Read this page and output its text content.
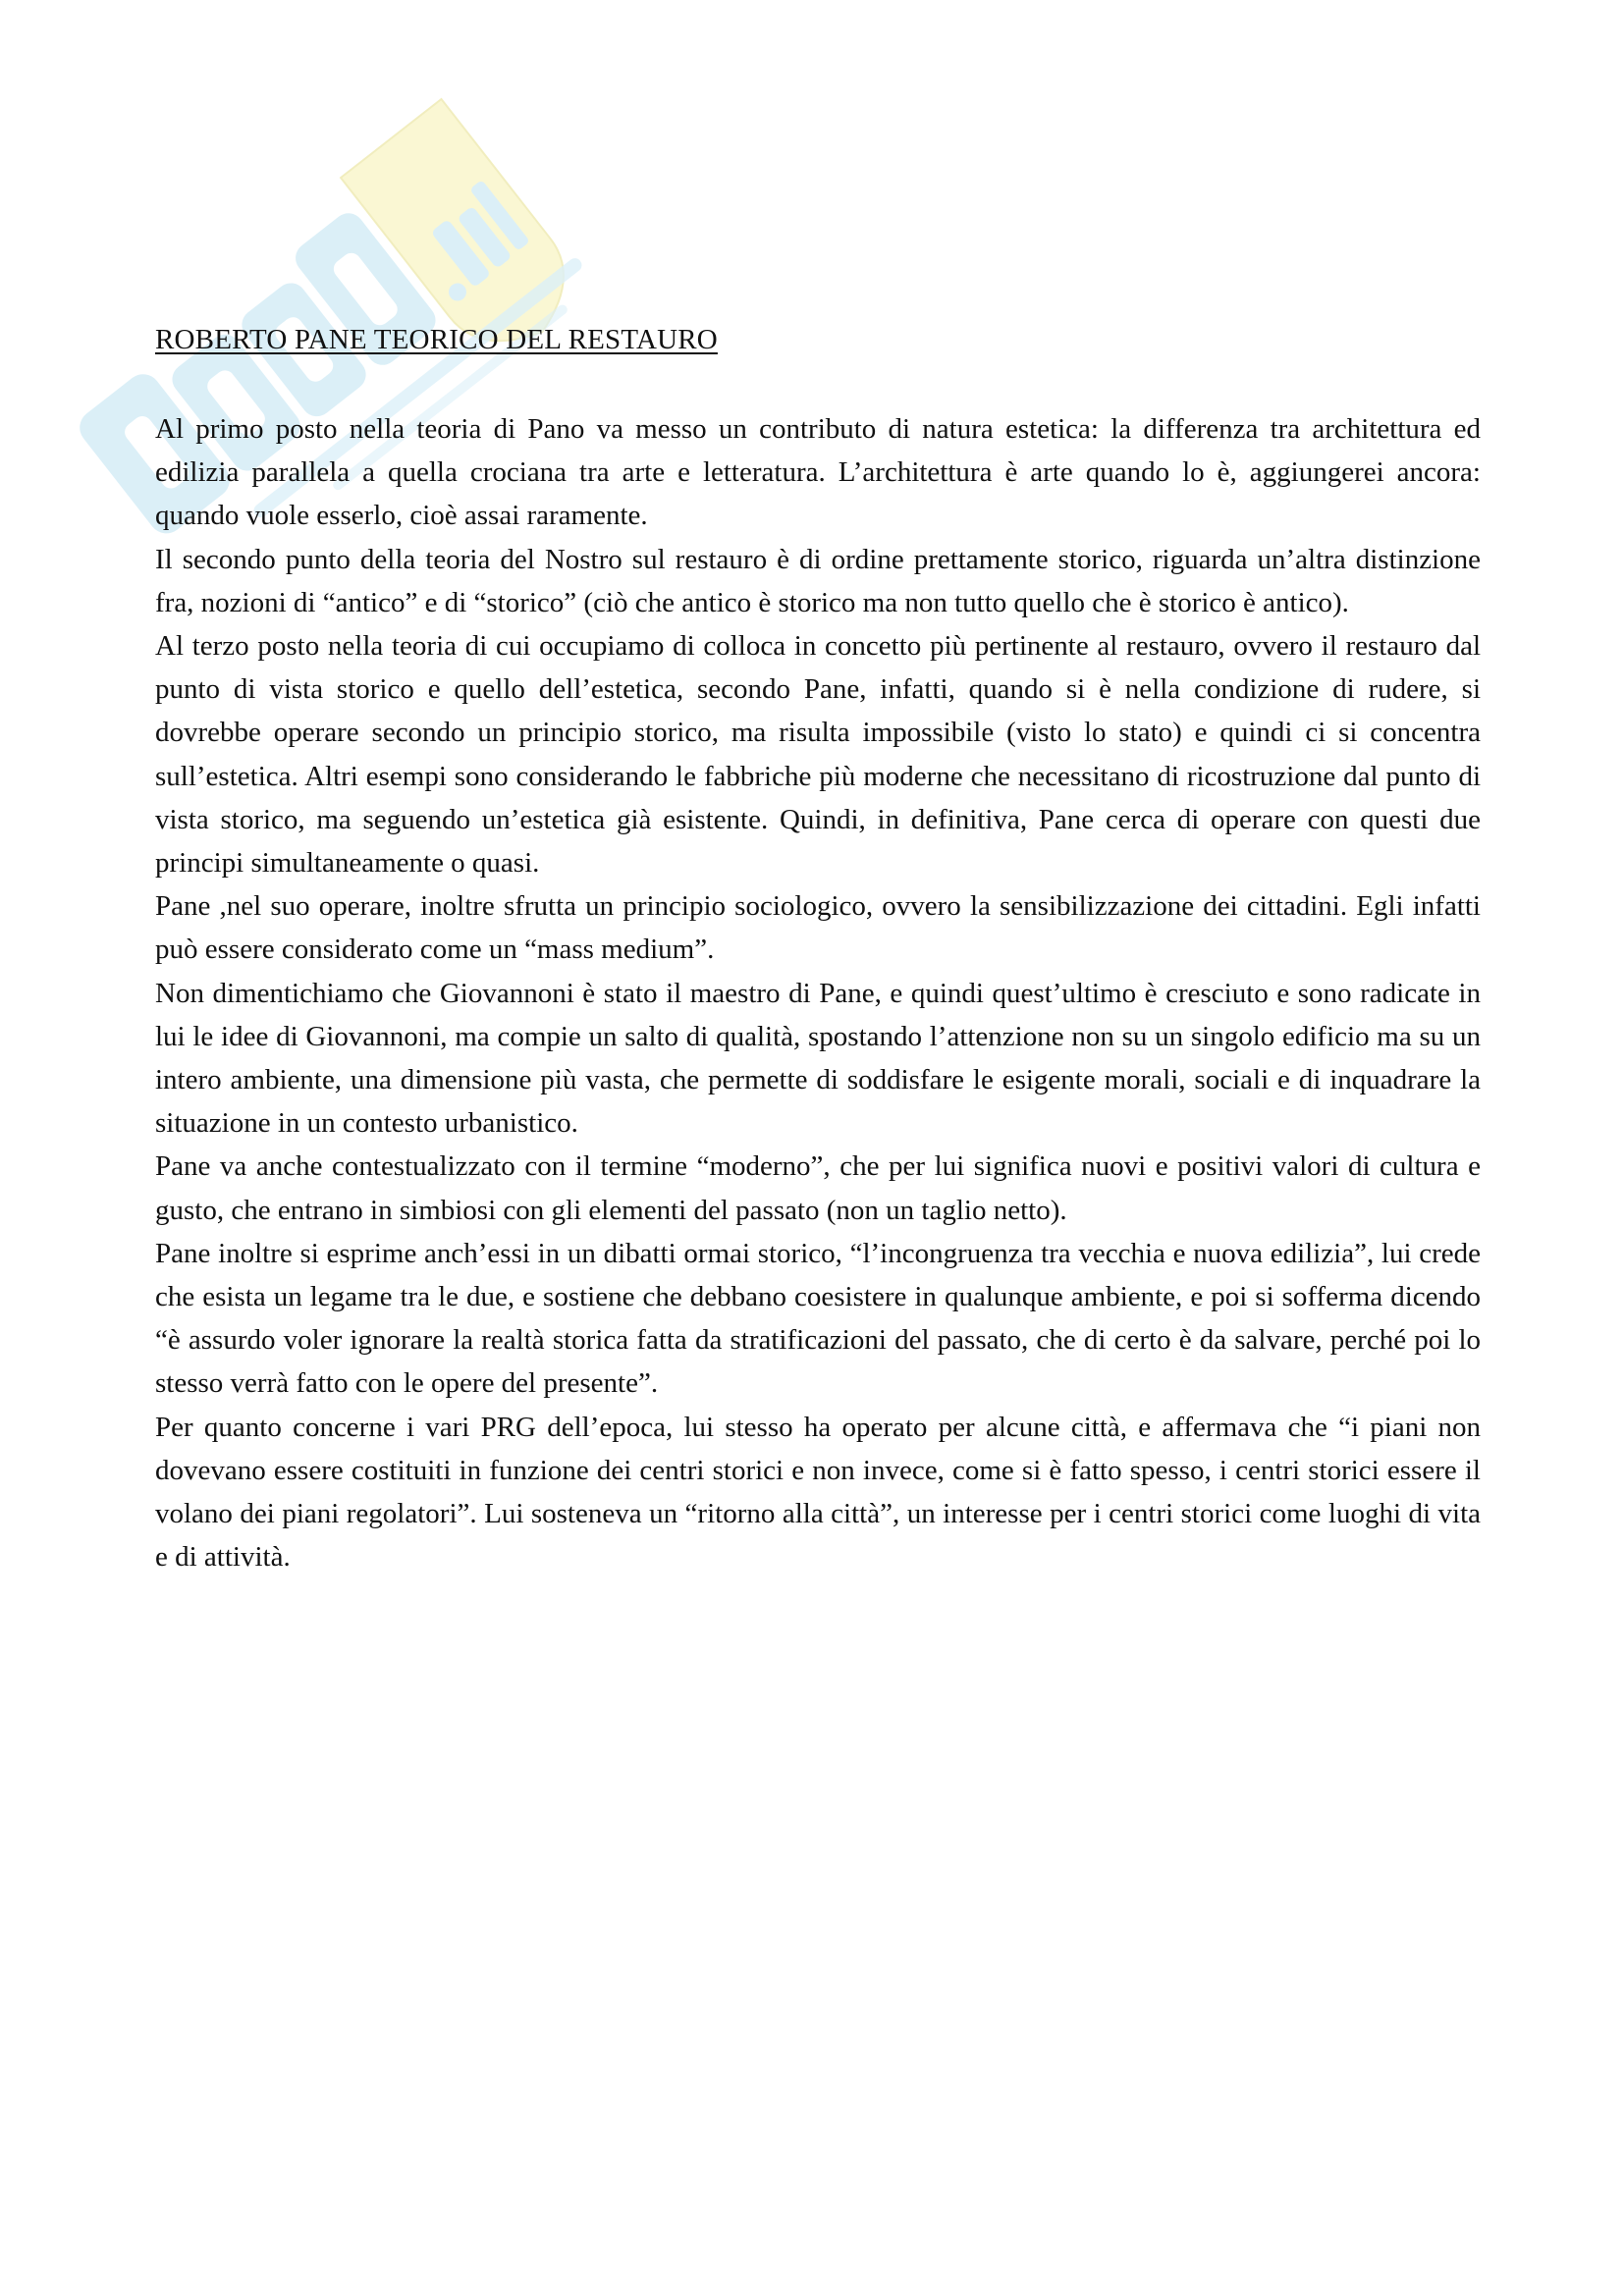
ROBERTO PANE TEORICO DEL RESTAURO

Al primo posto nella teoria di Pano va messo un contributo di natura estetica: la differenza tra architettura ed edilizia parallela a quella crociana tra arte e letteratura. L’architettura è arte quando lo è, aggiungerei ancora: quando vuole esserlo, cioè assai raramente.

Il secondo punto della teoria del Nostro sul restauro è di ordine prettamente storico, riguarda un’altra distinzione fra, nozioni di “antico” e di “storico” (ciò che antico è storico ma non tutto quello che è storico è antico).

Al terzo posto nella teoria di cui occupiamo di colloca in concetto più pertinente al restauro, ovvero il restauro dal punto di vista storico e quello dell’estetica, secondo Pane, infatti, quando si è nella condizione di rudere, si dovrebbe operare secondo un principio storico, ma risulta impossibile (visto lo stato) e quindi ci si concentra sull’estetica. Altri esempi sono considerando le fabbriche più moderne che necessitano di ricostruzione dal punto di vista storico, ma seguendo un’estetica già esistente. Quindi, in definitiva, Pane cerca di operare con questi due principi simultaneamente o quasi.

Pane ,nel suo operare, inoltre sfrutta un principio sociologico, ovvero la sensibilizzazione dei cittadini. Egli infatti può essere considerato come un “mass medium”.

Non dimentichiamo che Giovannoni è stato il maestro di Pane, e quindi quest’ultimo è cresciuto e sono radicate in lui le idee di Giovannoni, ma compie un salto di qualità, spostando l’attenzione non su un singolo edificio ma su un intero ambiente, una dimensione più vasta, che permette di soddisfare le esigente morali, sociali e di inquadrare la situazione in un contesto urbanistico.

Pane va anche contestualizzato con il termine “moderno”, che per lui significa nuovi e positivi valori di cultura e gusto, che entrano in simbiosi con gli elementi del passato (non un taglio netto).

Pane inoltre si esprime anch’essi in un dibatti ormai storico, “l’incongruenza tra vecchia e nuova edilizia”, lui crede che esista un legame tra le due, e sostiene che debbano coesistere in qualunque ambiente, e poi si sofferma dicendo “è assurdo voler ignorare la realtà storica fatta da stratificazioni del passato, che di certo è da salvare, perché poi lo stesso verrà fatto con le opere del presente”.

Per quanto concerne i vari PRG dell’epoca, lui stesso ha operato per alcune città, e affermava che “i piani non dovevano essere costituiti in funzione dei centri storici e non invece, come si è fatto spesso, i centri storici essere il volano dei piani regolatori”. Lui sosteneva un “ritorno alla città”, un interesse per i centri storici come luoghi di vita e di attività.
